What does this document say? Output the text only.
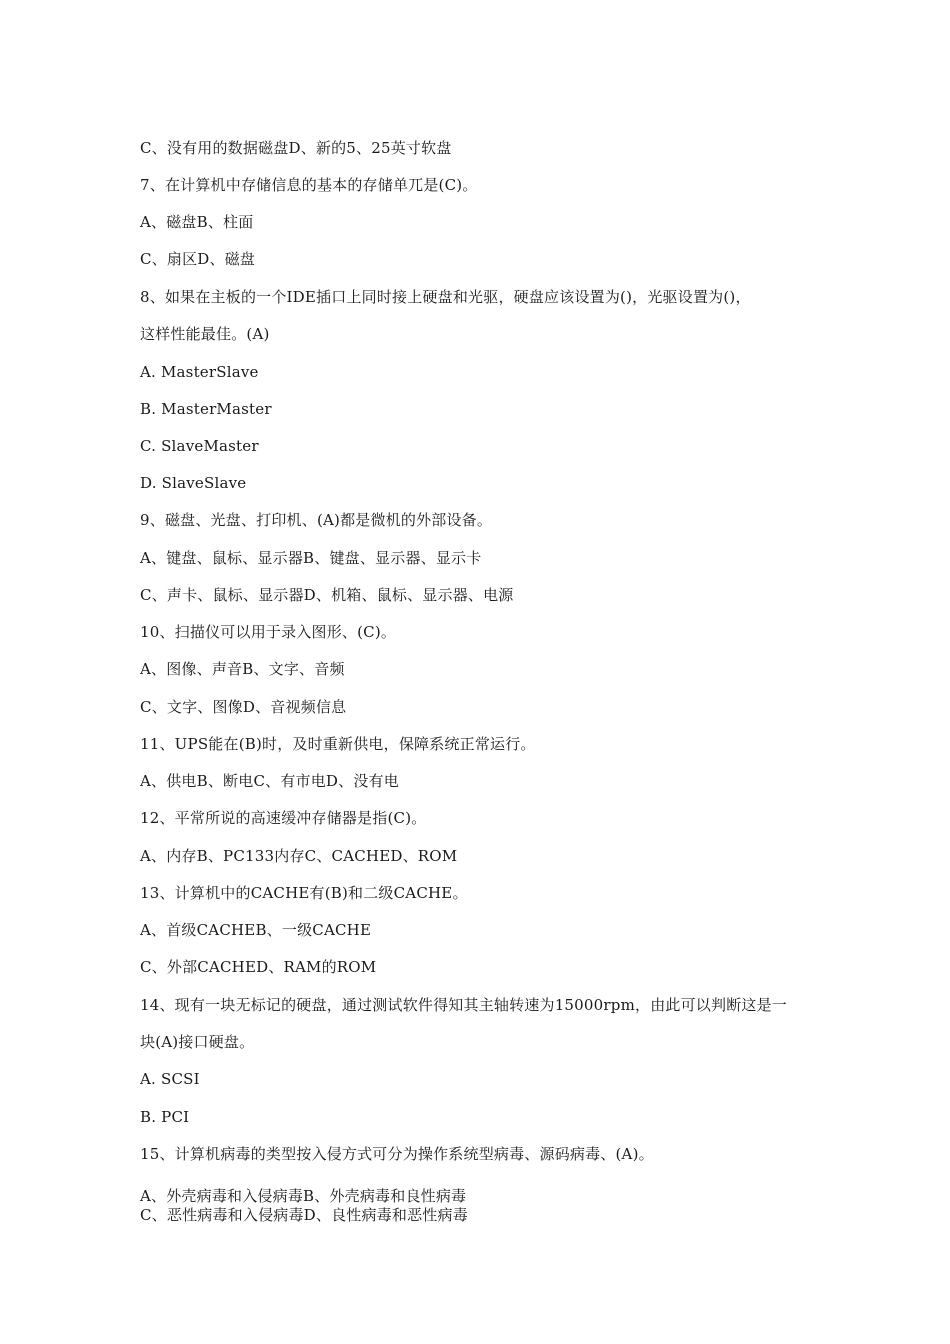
C、没有用的数据磁盘D、新的5、25英寸软盘
7、在计算机中存储信息的基本的存储单兀是(C)。
A、磁盘B、柱面
C、扇区D、磁盘
8、如果在主板的一个IDE插口上同时接上硬盘和光驱，硬盘应该设置为()，光驱设置为()，
这样性能最佳。(A)
A. MasterSlave
B. MasterMaster
C. SlaveMaster
D. SlaveSlave
9、磁盘、光盘、打印机、(A)都是微机的外部设备。
A、键盘、鼠标、显示器B、键盘、显示器、显示卡
C、声卡、鼠标、显示器D、机箱、鼠标、显示器、电源
10、扫描仪可以用于录入图形、(C)。
A、图像、声音B、文字、音频
C、文字、图像D、音视频信息
11、UPS能在(B)时，及时重新供电，保障系统正常运行。
A、供电B、断电C、有市电D、没有电
12、平常所说的高速缓冲存储器是指(C)。
A、内存B、PC133内存C、CACHED、ROM
13、计算机中的CACHE有(B)和二级CACHE。
A、首级CACHEB、一级CACHE
C、外部CACHED、RAM的ROM
14、现有一块无标记的硬盘，通过测试软件得知其主轴转速为15000rpm，由此可以判断这是一
块(A)接口硬盘。
A. SCSI
B. PCI
15、计算机病毒的类型按入侵方式可分为操作系统型病毒、源码病毒、(A)。
A、外壳病毒和入侵病毒B、外壳病毒和良性病毒
C、恶性病毒和入侵病毒D、良性病毒和恶性病毒
